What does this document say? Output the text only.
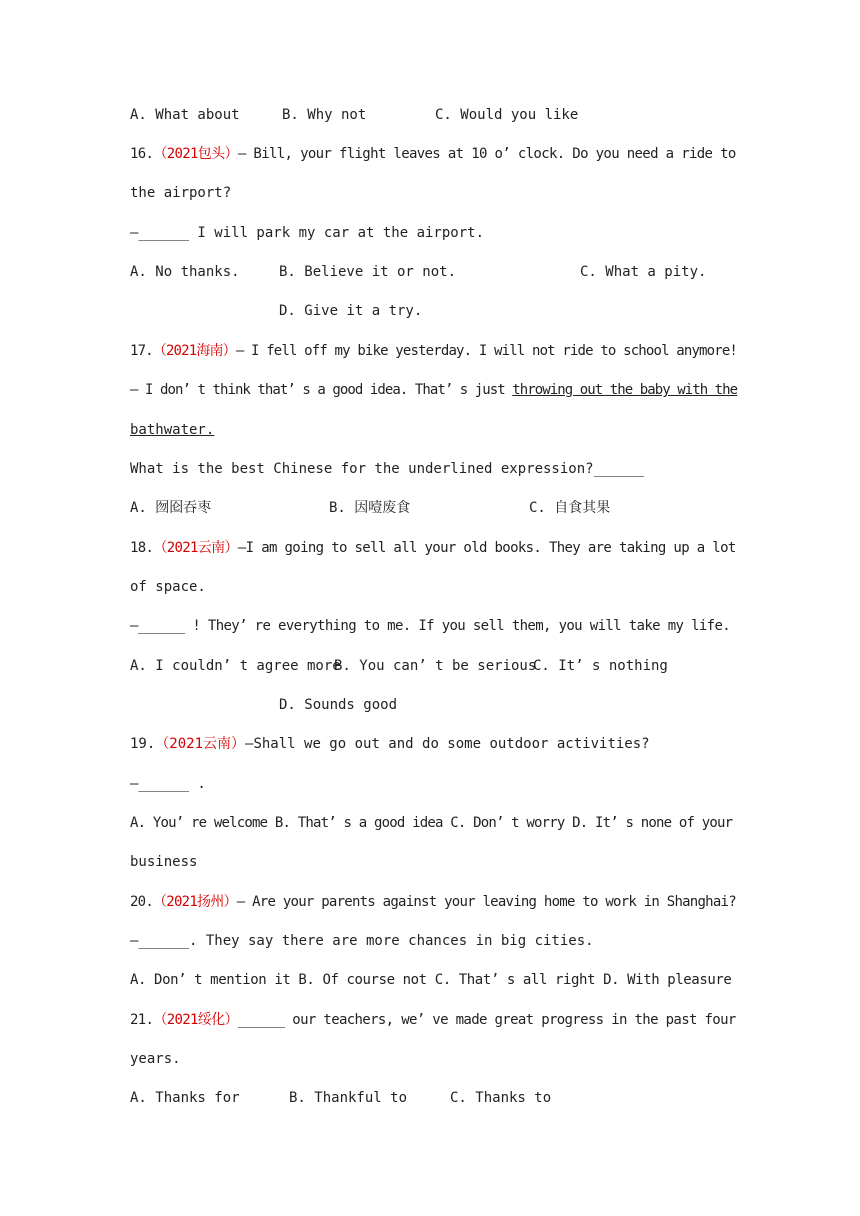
A. What about	B. Why not	C. Would you like
16.（2021包头）— Bill, your flight leaves at 10 o’ clock. Do you need a ride to
the airport?
—______ I will park my car at the airport.
A. No thanks.	B. Believe it or not.	C. What a pity.
D. Give it a try.
17.（2021海南）— I fell off my bike yesterday. I will not ride to school anymore!
— I don’ t think that’ s a good idea. That’ s just throwing out the baby with the
bathwater.
What is the best Chinese for the underlined expression?______
A. 囫囵吞枣	B. 因噎废食	C. 自食其果
18.（2021云南）—I am going to sell all your old books. They are taking up a lot
of space.
—______ ! They’ re everything to me. If you sell them, you will take my life.
A. I couldn’ t agree more
B. You can’ t be serious
C. It’ s nothing
D. Sounds good
19.（2021云南）—Shall we go out and do some outdoor activities?
—______ .
A. You’ re welcome B. That’ s a good idea C. Don’ t worry D. It’ s none of your
business
20.（2021扬州）— Are your parents against your leaving home to work in Shanghai?
—______. They say there are more chances in big cities.
A. Don’ t mention it B. Of course not C. That’ s all right D. With pleasure
21.（2021绥化）______ our teachers, we’ ve made great progress in the past four
years.
A. Thanks for	B. Thankful to	C. Thanks to
